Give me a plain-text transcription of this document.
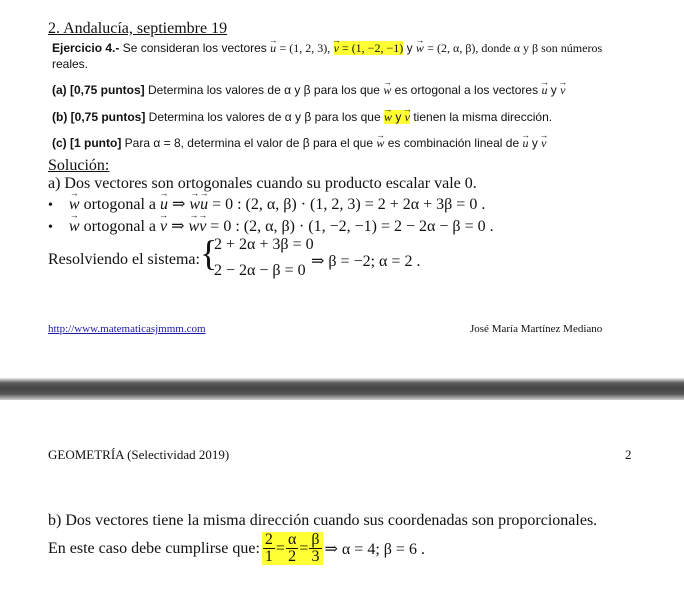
2. Andalucía, septiembre 19
Ejercicio 4.- Se consideran los vectores → u = (1, 2, 3), → v = (1, −2, −1) y → w = (2, α, β), donde α y β son números
reales.
(a) [0,75 puntos] Determina los valores de α y β para los que → w es ortogonal a los vectores → u y → v
(b) [0,75 puntos] Determina los valores de α y β para los que → w y → v tienen la misma dirección.
(c) [1 punto] Para α = 8, determina el valor de β para el que → w es combinación lineal de → u y → v
Solución:
a) Dos vectores son ortogonales cuando su producto escalar vale 0.
• → w ortogonal a → u ⇒ → w→ u = 0 : (2, α, β) · (1, 2, 3) = 2 + 2α + 3β = 0 .
• → w ortogonal a → v ⇒ → w→ v = 0 : (2, α, β) · (1, −2, −1) = 2 − 2α − β = 0 .
Resolviendo el sistema: {
2 + 2α + 3β = 0
2 − 2α − β = 0
⇒ β = −2; α = 2 .
http://www.matematicasjmmm.com	José María Martínez Mediano
GEOMETRÍA (Selectividad 2019)	2
b) Dos vectores tiene la misma dirección cuando sus coordenadas son proporcionales.
En este caso debe cumplirse que: $\frac{2}{1} = \frac{\alpha}{2} = \frac{\beta}{3}$ ⇒ α = 4; β = 6 .
